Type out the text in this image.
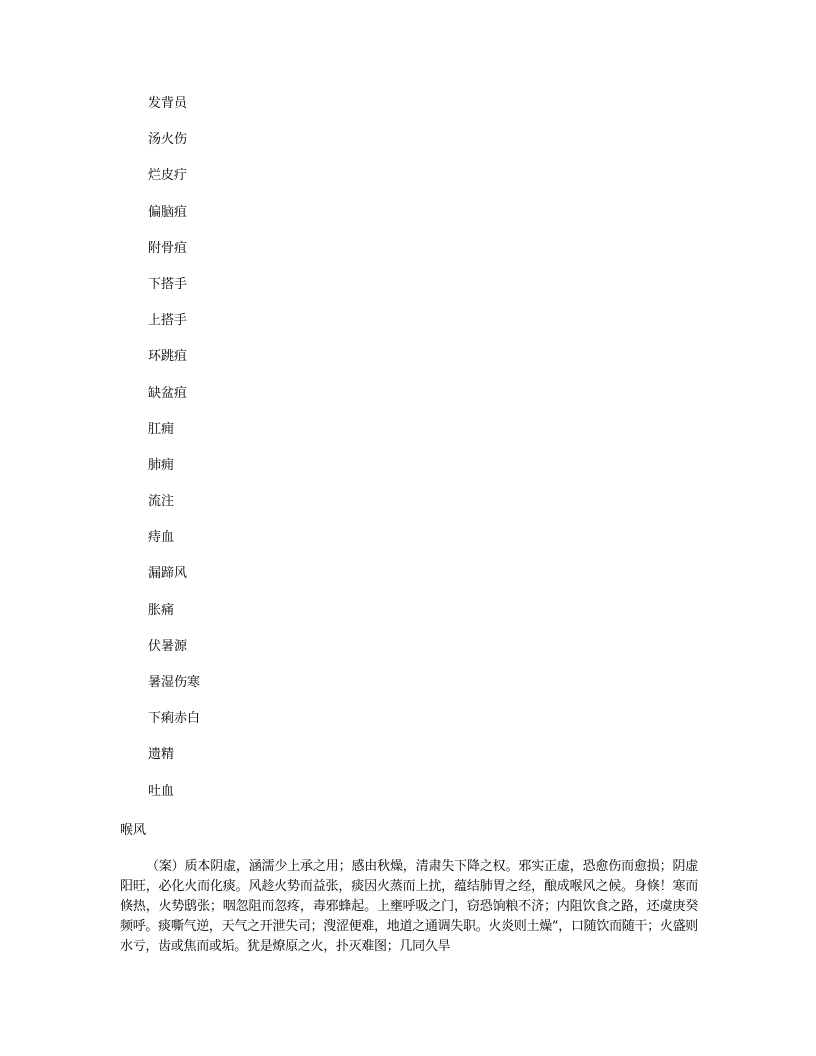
发背员
汤火伤
烂皮疔
偏脑疽
附骨疽
下搭手
上搭手
环跳疽
缺盆疽
肛痈
肺痈
流注
痔血
漏蹄风
胀痛
伏暑源
暑湿伤寒
下痢赤白
遗精
吐血
喉风

（案）质本阴虚，涵濡少上承之用；感由秋燥，清肃失下降之权。邪实正虚，恐愈伤而愈损；阴虚阳旺，必化火而化痰。风趁火势而益张，痰因火蒸而上扰，蕴结肺胃之经，酿成喉风之候。身倏！寒而倏热，火势鸱张；咽忽阻而忽疼，毒邪蜂起。上壅呼吸之门，窃恐饷粮不济；内阻饮食之路，还虞庚癸频呼。痰嘶气逆，天气之开泄失司；溲涩便难，地道之通调失职。火炎则土燥”，口随饮而随干；火盛则水亏，齿或焦而或垢。犹是燎原之火，扑灭难图；几同久旱
